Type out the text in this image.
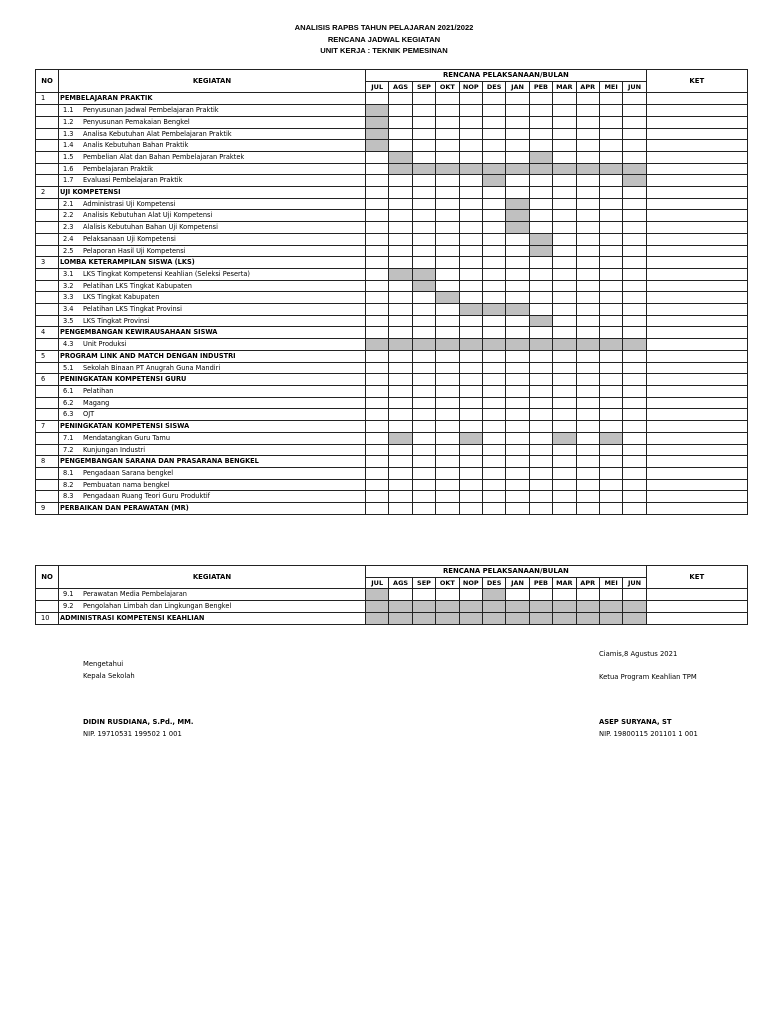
ANALISIS RAPBS TAHUN PELAJARAN 2021/2022
RENCANA JADWAL KEGIATAN
UNIT KERJA : TEKNIK PEMESINAN
NO	KEGIATAN	RENCANA PELAKSANAAN/BULAN												KET
		JUL	AGS	SEP	OKT	NOP	DES	JAN	PEB	MAR	APR	MEI	JUN	
1	PEMBELAJARAN PRAKTIK													
	1.1 Penyusunan Jadwal Pembelajaran Praktik													
	1.2 Penyusunan Pemakaian Bengkel													
	1.3 Analisa Kebutuhan Alat Pembelajaran Praktik													
	1.4 Analis Kebutuhan Bahan Praktik													
	1.5 Pembelian Alat dan Bahan Pembelajaran Praktek													
	1.6 Pembelajaran Praktik													
	1.7 Evaluasi Pembelajaran Praktik													
2	UJI KOMPETENSI													
	2.1 Administrasi Uji Kompetensi													
	2.2 Analisis Kebutuhan Alat Uji Kompetensi													
	2.3 Alalisis Kebutuhan Bahan Uji Kompetensi													
	2.4 Pelaksanaan Uji Kompetensi													
	2.5 Pelaporan Hasil Uji Kompetensi													
3	LOMBA KETERAMPILAN SISWA (LKS)													
	3.1 LKS Tingkat Kompetensi Keahlian (Seleksi Peserta)													
	3.2 Pelatihan LKS Tingkat Kabupaten													
	3.3 LKS Tingkat Kabupaten													
	3.4 Pelatihan LKS Tingkat Provinsi													
	3.5 LKS Tingkat Provinsi													
4	PENGEMBANGAN KEWIRAUSAHAAN SISWA													
	4.3 Unit Produksi													
5	PROGRAM LINK AND MATCH DENGAN INDUSTRI													
	5.1 Sekolah Binaan PT Anugrah Guna Mandiri													
6	PENINGKATAN KOMPETENSI GURU													
	6.1 Pelatihan													
	6.2 Magang													
	6.3 OJT													
7	PENINGKATAN KOMPETENSI SISWA													
	7.1 Mendatangkan Guru Tamu													
	7.2 Kunjungan Industri													
8	PENGEMBANGAN SARANA DAN PRASARANA BENGKEL													
	8.1 Pengadaan Sarana bengkel													
	8.2 Pembuatan nama bengkel													
	8.3 Pengadaan Ruang Teori Guru Produktif													
9	PERBAIKAN DAN PERAWATAN (MR)													
NO	KEGIATAN	RENCANA PELAKSANAAN/BULAN												KET
		JUL	AGS	SEP	OKT	NOP	DES	JAN	PEB	MAR	APR	MEI	JUN	
	9.1 Perawatan Media Pembelajaran													
	9.2 Pengolahan Limbah dan Lingkungan Bengkel													
10	ADMINISTRASI KOMPETENSI KEAHLIAN													
Ciamis,8 Agustus 2021
Mengetahui
Kepala Sekolah	Ketua Program Keahlian TPM
DIDIN RUSDIANA, S.Pd., MM.
NIP. 19710531 199502 1 001
ASEP SURYANA, ST
NIP. 19800115 201101 1 001
